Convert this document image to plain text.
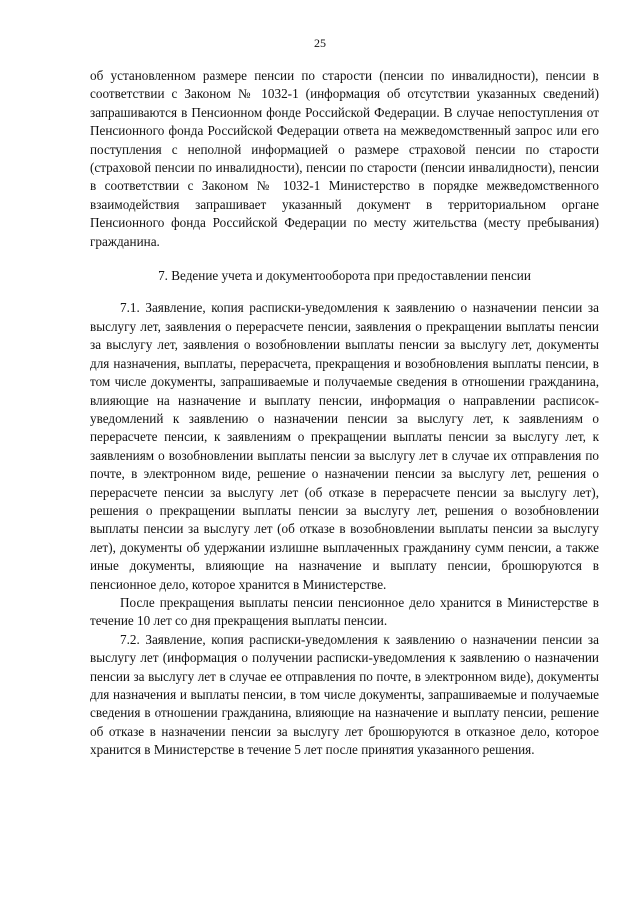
25

об установленном размере пенсии по старости (пенсии по инвалидности), пенсии в соответствии с Законом № 1032-1 (информация об отсутствии указанных сведений) запрашиваются в Пенсионном фонде Российской Федерации. В случае непоступления от Пенсионного фонда Российской Федерации ответа на межведомственный запрос или его поступления с неполной информацией о размере страховой пенсии по старости (страховой пенсии по инвалидности), пенсии по старости (пенсии инвалидности), пенсии в соответствии с Законом № 1032-1 Министерство в порядке межведомственного взаимодействия запрашивает указанный документ в территориальном органе Пенсионного фонда Российской Федерации по месту жительства (месту пребывания) гражданина.

7. Ведение учета и документооборота при предоставлении пенсии

7.1. Заявление, копия расписки-уведомления к заявлению о назначении пенсии за выслугу лет, заявления о перерасчете пенсии, заявления о прекращении выплаты пенсии за выслугу лет, заявления о возобновлении выплаты пенсии за выслугу лет, документы для назначения, выплаты, перерасчета, прекращения и возобновления выплаты пенсии, в том числе документы, запрашиваемые и получаемые сведения в отношении гражданина, влияющие на назначение и выплату пенсии, информация о направлении расписок-уведомлений к заявлению о назначении пенсии за выслугу лет, к заявлениям о перерасчете пенсии, к заявлениям о прекращении выплаты пенсии за выслугу лет, к заявлениям о возобновлении выплаты пенсии за выслугу лет в случае их отправления по почте, в электронном виде, решение о назначении пенсии за выслугу лет, решения о перерасчете пенсии за выслугу лет (об отказе в перерасчете пенсии за выслугу лет), решения о прекращении выплаты пенсии за выслугу лет, решения о возобновлении выплаты пенсии за выслугу лет (об отказе в возобновлении выплаты пенсии за выслугу лет), документы об удержании излишне выплаченных гражданину сумм пенсии, а также иные документы, влияющие на назначение и выплату пенсии, брошюруются в пенсионное дело, которое хранится в Министерстве.

После прекращения выплаты пенсии пенсионное дело хранится в Министерстве в течение 10 лет со дня прекращения выплаты пенсии.

7.2. Заявление, копия расписки-уведомления к заявлению о назначении пенсии за выслугу лет (информация о получении расписки-уведомления к заявлению о назначении пенсии за выслугу лет в случае ее отправления по почте, в электронном виде), документы для назначения и выплаты пенсии, в том числе документы, запрашиваемые и получаемые сведения в отношении гражданина, влияющие на назначение и выплату пенсии, решение об отказе в назначении пенсии за выслугу лет брошюруются в отказное дело, которое хранится в Министерстве в течение 5 лет после принятия указанного решения.
